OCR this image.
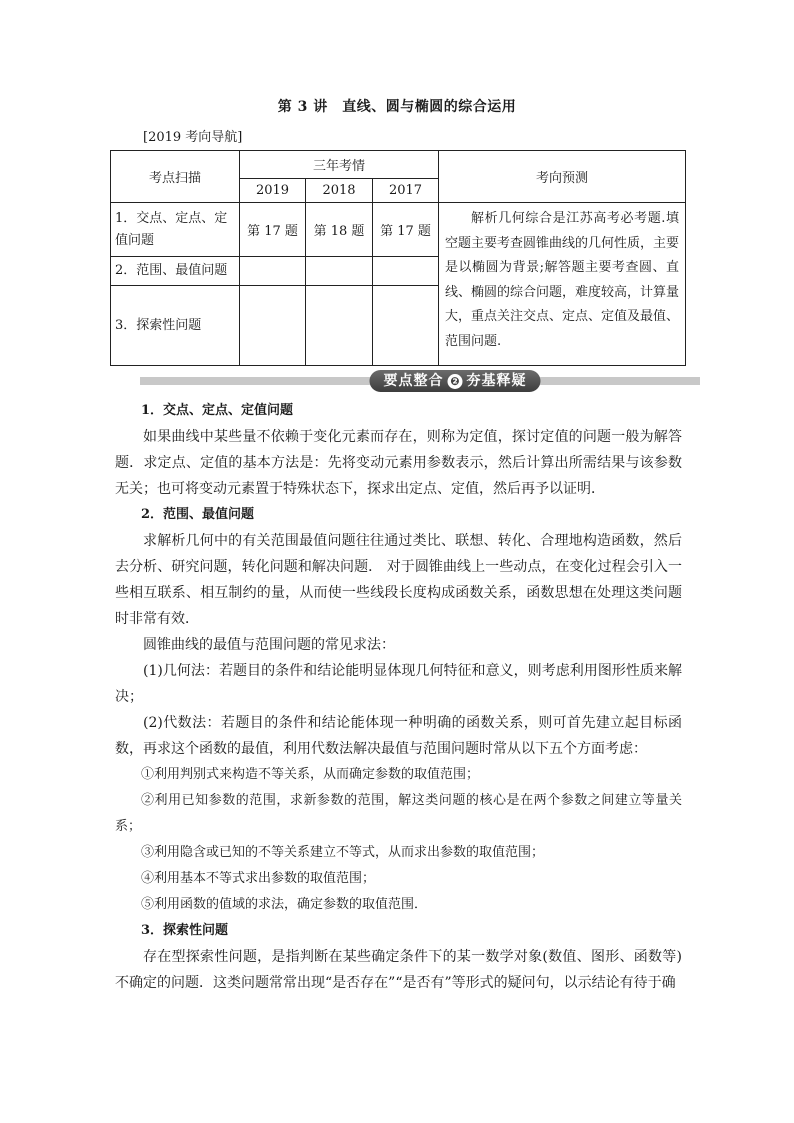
第 3 讲　直线、圆与椭圆的综合运用
[2019 考向导航]
考点扫描	三年考情			考向预测
	2019	2018	2017	
1．交点、定点、定值问题	第 17 题	第 18 题	第 17 题	解析几何综合是江苏高考必考题.填空题主要考查圆锥曲线的几何性质，主要是以椭圆为背景;解答题主要考查圆、直线、椭圆的综合问题，难度较高，计算量大，重点关注交点、定点、定值及最值、范围问题.
2．范围、最值问题				
3．探索性问题				
要点整合 ❷ 夯基释疑

1．交点、定点、定值问题

如果曲线中某些量不依赖于变化元素而存在，则称为定值，探讨定值的问题一般为解答题．求定点、定值的基本方法是：先将变动元素用参数表示，然后计算出所需结果与该参数无关；也可将变动元素置于特殊状态下，探求出定点、定值，然后再予以证明．

2．范围、最值问题

求解析几何中的有关范围最值问题往往通过类比、联想、转化、合理地构造函数，然后去分析、研究问题，转化问题和解决问题． 对于圆锥曲线上一些动点，在变化过程会引入一些相互联系、相互制约的量，从而使一些线段长度构成函数关系，函数思想在处理这类问题时非常有效．

圆锥曲线的最值与范围问题的常见求法：

(1)几何法：若题目的条件和结论能明显体现几何特征和意义，则考虑利用图形性质来解决；

(2)代数法：若题目的条件和结论能体现一种明确的函数关系，则可首先建立起目标函数，再求这个函数的最值，利用代数法解决最值与范围问题时常从以下五个方面考虑：

①利用判别式来构造不等关系，从而确定参数的取值范围；

②利用已知参数的范围，求新参数的范围，解这类问题的核心是在两个参数之间建立等量关系；

③利用隐含或已知的不等关系建立不等式，从而求出参数的取值范围；

④利用基本不等式求出参数的取值范围；

⑤利用函数的值域的求法，确定参数的取值范围．

3．探索性问题

存在型探索性问题，是指判断在某些确定条件下的某一数学对象(数值、图形、函数等)不确定的问题．这类问题常常出现“是否存在”“是否有”等形式的疑问句，以示结论有待于确
